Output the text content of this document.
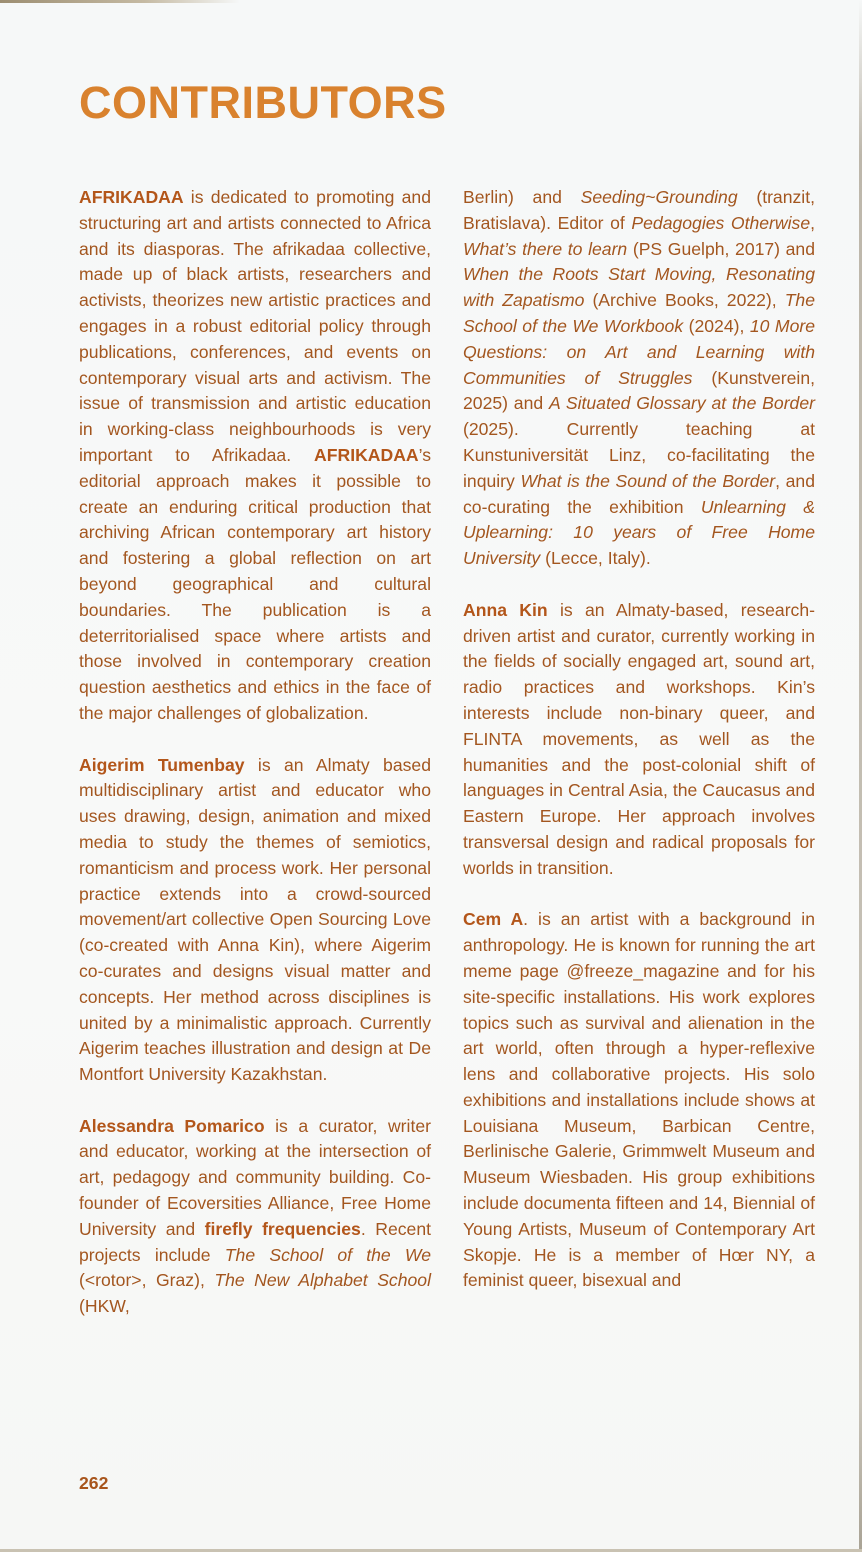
CONTRIBUTORS

AFRIKADAA is dedicated to promoting and structuring art and artists connected to Africa and its diasporas. The afrikadaa collective, made up of black artists, researchers and activists, theorizes new artistic practices and engages in a robust editorial policy through publications, conferences, and events on contemporary visual arts and activism. The issue of transmission and artistic education in working-class neighbourhoods is very important to Afrikadaa. AFRIKADAA’s editorial approach makes it possible to create an enduring critical production that archiving African contemporary art history and fostering a global reflection on art beyond geographical and cultural boundaries. The publication is a deterritorialised space where artists and those involved in contemporary creation question aesthetics and ethics in the face of the major challenges of globalization.

Aigerim Tumenbay is an Almaty based multidisciplinary artist and educator who uses drawing, design, animation and mixed media to study the themes of semiotics, romanticism and process work. Her personal practice extends into a crowd-sourced movement/art collective Open Sourcing Love (co-created with Anna Kin), where Aigerim co-curates and designs visual matter and concepts. Her method across disciplines is united by a minimalistic approach. Currently Aigerim teaches illustration and design at De Montfort University Kazakhstan.

Alessandra Pomarico is a curator, writer and educator, working at the intersection of art, pedagogy and community building. Co-founder of Ecoversities Alliance, Free Home University and firefly frequencies. Recent projects include The School of the We (<rotor>, Graz), The New Alphabet School (HKW,

Berlin) and Seeding~Grounding (tranzit, Bratislava). Editor of Pedagogies Otherwise, What’s there to learn (PS Guelph, 2017) and When the Roots Start Moving, Resonating with Zapatismo (Archive Books, 2022), The School of the We Workbook (2024), 10 More Questions: on Art and Learning with Communities of Struggles (Kunstverein, 2025) and A Situated Glossary at the Border (2025). Currently teaching at Kunstuniversität Linz, co-facilitating the inquiry What is the Sound of the Border, and co-curating the exhibition Unlearning & Uplearning: 10 years of Free Home University (Lecce, Italy).

Anna Kin is an Almaty-based, research-driven artist and curator, currently working in the fields of socially engaged art, sound art, radio practices and workshops. Kin’s interests include non-binary queer, and FLINTA movements, as well as the humanities and the post-colonial shift of languages in Central Asia, the Caucasus and Eastern Europe. Her approach involves transversal design and radical proposals for worlds in transition.

Cem A. is an artist with a background in anthropology. He is known for running the art meme page @freeze_magazine and for his site-specific installations. His work explores topics such as survival and alienation in the art world, often through a hyper-reflexive lens and collaborative projects. His solo exhibitions and installations include shows at Louisiana Museum, Barbican Centre, Berlinische Galerie, Grimmwelt Museum and Museum Wiesbaden. His group exhibitions include documenta fifteen and 14, Biennial of Young Artists, Museum of Contemporary Art Skopje. He is a member of Hœr NY, a feminist queer, bisexual and

262
